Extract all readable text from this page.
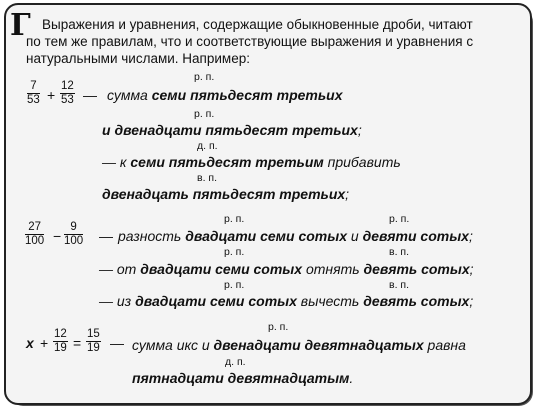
Г Выражения и уравнения, содержащие обыкновенные дроби, читают
по тем же правилам, что и соответствующие выражения и уравнения с
натуральными числами. Например:
$\frac{7}{53} + \frac{12}{53}$ —
р. п.
сумма семи пятьдесят третьих
р. п.
и двенадцати пятьдесят третьих;
д. п.
— к семи пятьдесят третьим прибавить
в. п.
двенадцать пятьдесят третьих;
$\frac{27}{100} - \frac{9}{100}$ —
р. п.	р. п.
разность двадцати семи сотых и девяти сотых;
р. п.	в. п.
— от двадцати семи сотых отнять девять сотых;
р. п.	в. п.
— из двадцати семи сотых вычесть девять сотых;
$x + \frac{12}{19} = \frac{15}{19}$ —
р. п.
сумма икс и двенадцати девятнадцатых равна
д. п.
пятнадцати девятнадцатым.
